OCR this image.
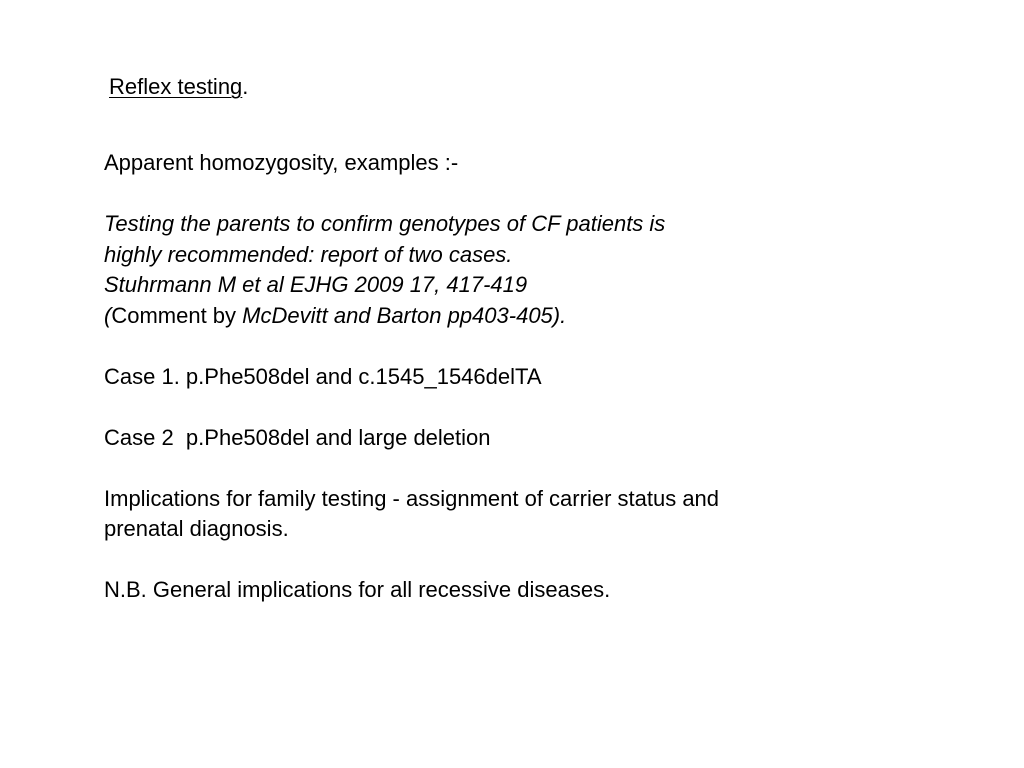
Reflex testing.
Apparent homozygosity, examples :-
Testing the parents to confirm genotypes of CF patients is
highly recommended: report of two cases.
Stuhrmann M et al EJHG 2009 17, 417-419
(Comment by McDevitt and Barton pp403-405).
Case 1. p.Phe508del and c.1545_1546delTA
Case 2  p.Phe508del and large deletion
Implications for family testing - assignment of carrier status and
prenatal diagnosis.
N.B. General implications for all recessive diseases.
